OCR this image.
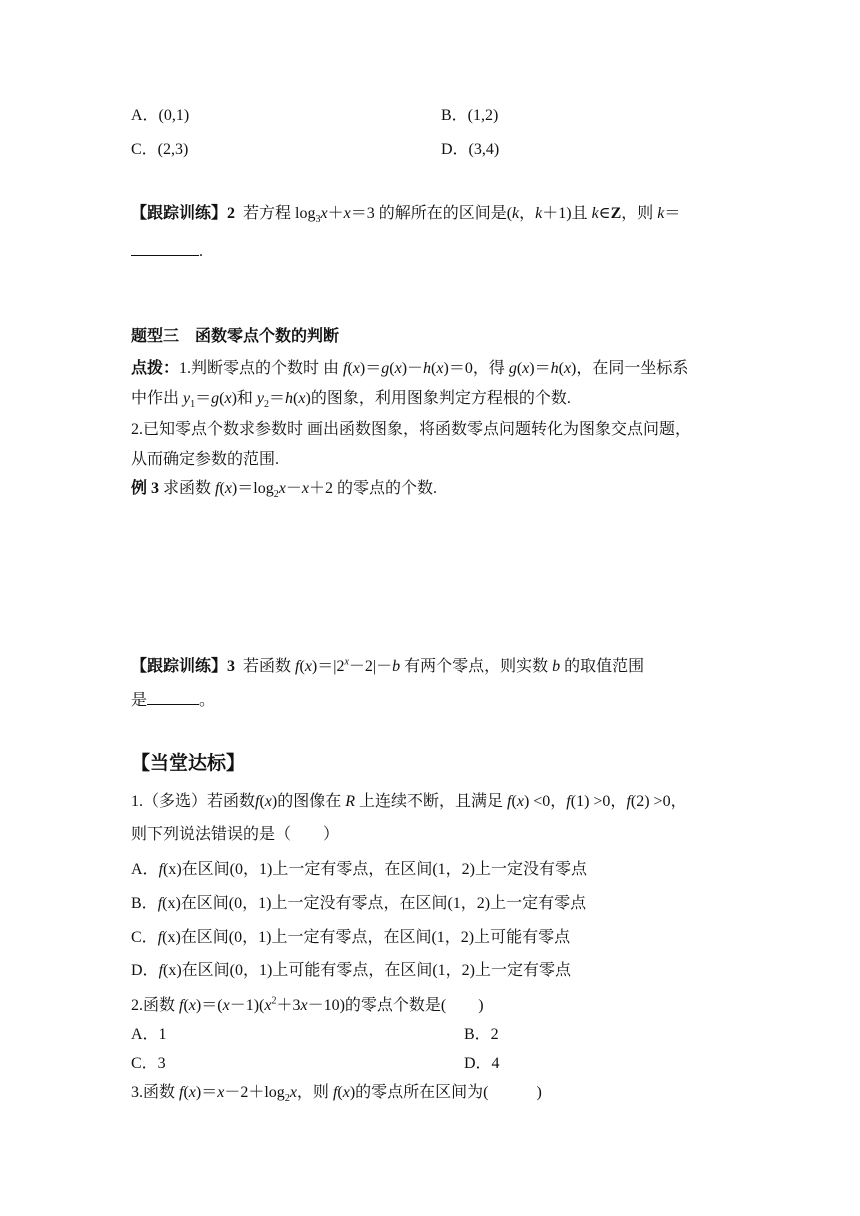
A．(0,1)	B．(1,2)
C．(2,3)	D．(3,4)
【跟踪训练】2 若方程 $\log_3x+x=3$ 的解所在的区间是(k，k＋1)且 k∈Z，则 k＝
.
题型三　函数零点个数的判断
点拨：1.判断零点的个数时 由 f(x)＝g(x)－h(x)＝0，得 g(x)＝h(x)，在同一坐标系
中作出 $y_1=g(x)$和 $y_2=h(x)$的图象，利用图象判定方程根的个数.
2.已知零点个数求参数时 画出函数图象，将函数零点问题转化为图象交点问题，
从而确定参数的范围.
例 3 求函数 $f(x)=\log_2x-x+2$ 的零点的个数.
【跟踪训练】3 若函数 $f(x)=|2^x-2|-b$ 有两个零点，则实数 b 的取值范围
是	。
【当堂达标】
1.（多选）若函数f(x)的图像在 R 上连续不断，且满足 f(x) <0，f(1) >0，f(2) >0，
则下列说法错误的是（　　）
A．f(x)在区间(0，1)上一定有零点，在区间(1，2)上一定没有零点
B．f(x)在区间(0，1)上一定没有零点，在区间(1，2)上一定有零点
C．f(x)在区间(0，1)上一定有零点，在区间(1，2)上可能有零点
D．f(x)在区间(0，1)上可能有零点，在区间(1，2)上一定有零点
2.函数 $f(x)=(x-1)(x^2+3x-10)$的零点个数是(　　)
A．1	B．2
C．3	D．4
3.函数 $f(x)=x-2+\log_2x$，则 f(x)的零点所在区间为(　　　)
